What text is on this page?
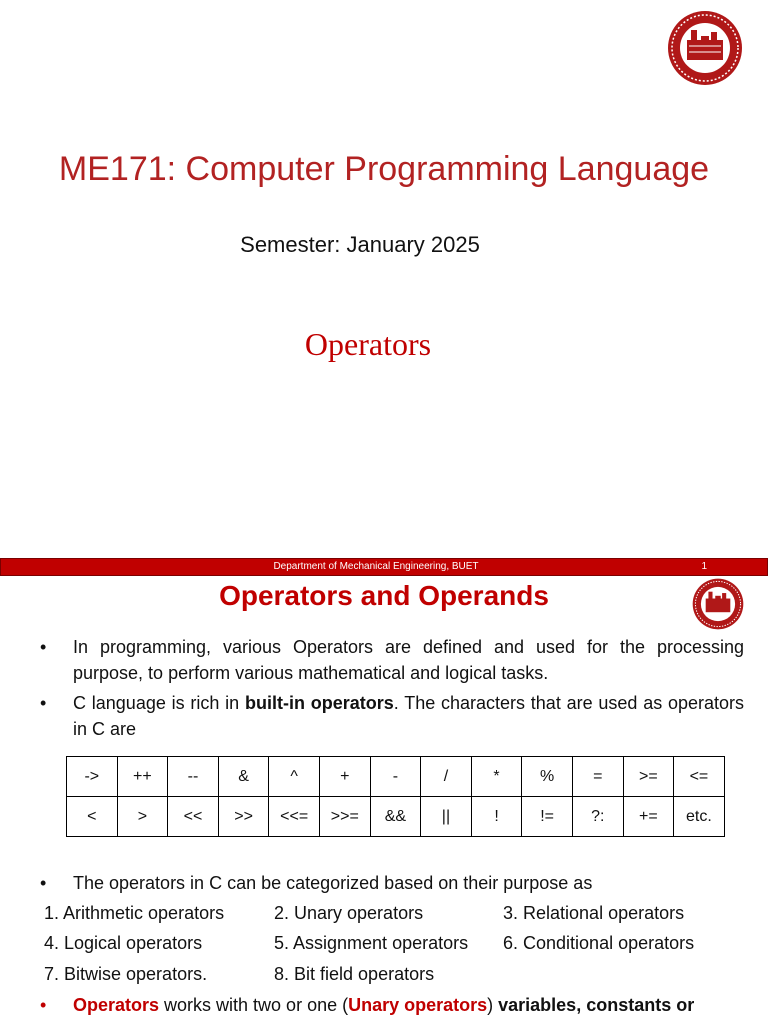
ME171: Computer Programming Language
Semester: January 2025
Operators
Department of Mechanical Engineering, BUET	1
Operators and Operands
• In programming, various Operators are defined and used for the processing purpose, to perform various mathematical and logical tasks.
• C language is rich in built-in operators. The characters that are used as operators in C are
->	++	--	&	^	+	-	/	*	%	=	>=	<=
<	>	<<	>>	<<=	>>=	&&	||	!	!=	?:	+=	etc.
• The operators in C can be categorized based on their purpose as
1. Arithmetic operators	2. Unary operators	3. Relational operators
4. Logical operators	5. Assignment operators 6. Conditional operators
7. Bitwise operators.	8. Bit field operators
• Operators works with two or one (Unary operators) variables, constants or
